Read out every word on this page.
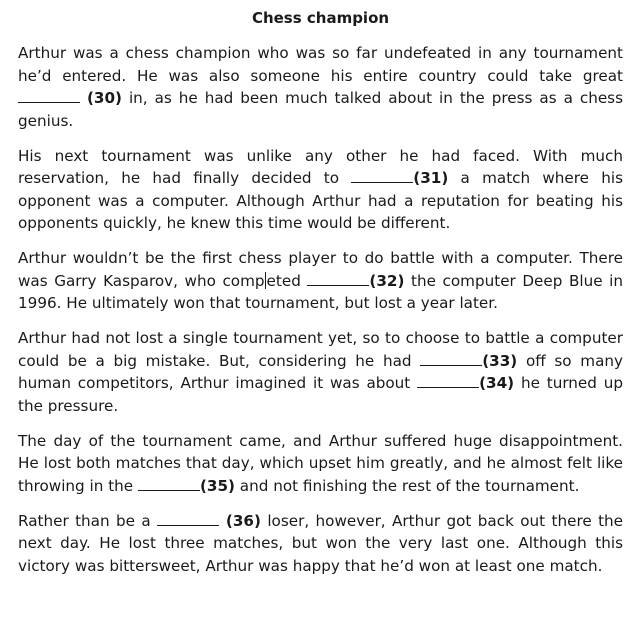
Chess champion

Arthur was a chess champion who was so far undefeated in any tournament he’d entered. He was also someone his entire country could take great  (30) in, as he had been much talked about in the press as a chess genius.

His next tournament was unlike any other he had faced. With much reservation, he had finally decided to	(31) a match where his opponent was a computer. Although Arthur had a reputation for beating his opponents quickly, he knew this time would be different.

Arthur wouldn’t be the first chess player to do battle with a computer. There was Garry Kasparov, who comp eted	(32) the computer Deep Blue in 1996. He ultimately won that tournament, but lost a year later.

Arthur had not lost a single tournament yet, so to choose to battle a computer could be a big mistake. But, considering he had	(33) off so many human competitors, Arthur imagined it was about	(34) he turned up the pressure.

The day of the tournament came, and Arthur suffered huge disappointment. He lost both matches that day, which upset him greatly, and he almost felt like throwing in the	(35) and not finishing the rest of the tournament.

Rather than be a	(36) loser, however, Arthur got back out there the next day. He lost three matches, but won the very last one. Although this victory was bittersweet, Arthur was happy that he’d won at least one match.
